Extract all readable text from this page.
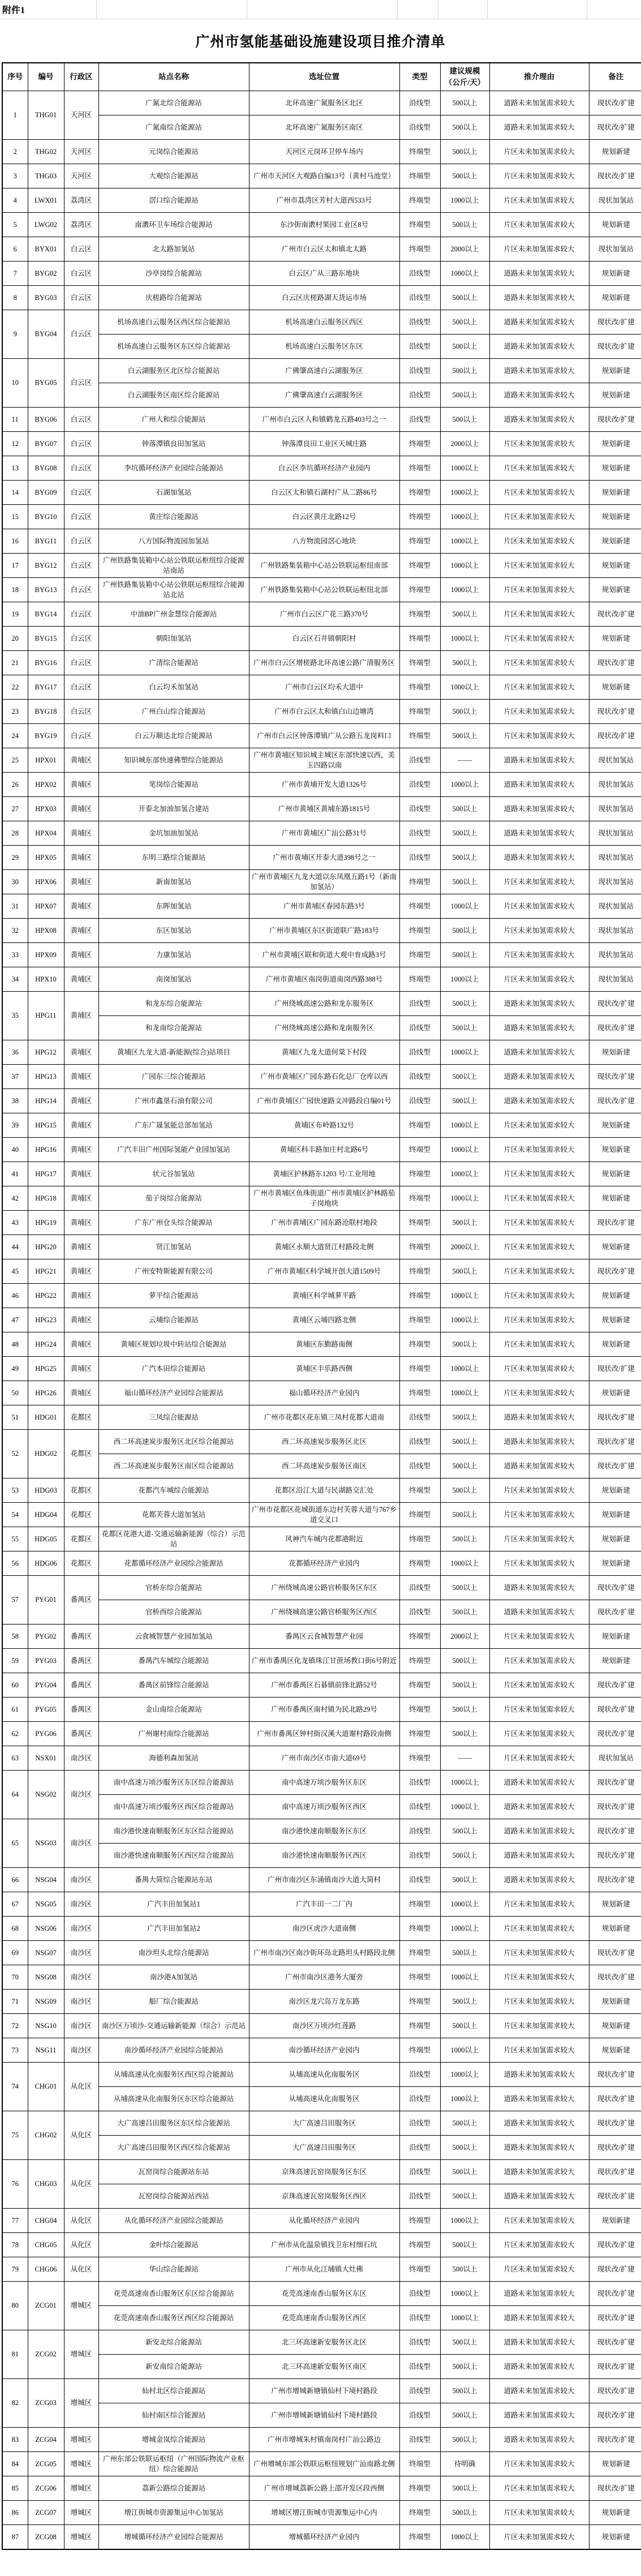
附件1
广州市氢能基础设施建设项目推介清单
序号	编号	行政区	站点名称	选址位置	类型	建议规模
（公斤/天）	推介理由	备注
1	THG01	天河区	广氮北综合能源站	北环高速广氮服务区北区	沿线型	500以上	道路未来加氢需求较大	现状改/扩建
			广氮南综合能源站	北环高速广氮服务区南区	沿线型	500以上	道路未来加氢需求较大	现状改/扩建
2	THG02	天河区	元岗综合能源站	天河区元岗环卫停车场内	终端型	500以上	片区未来加氢需求较大	规划新建
3	THG03	天河区	大观综合能源站	广州市天河区大观路自编13号（黄村马池堂）	终端型	500以上	片区未来加氢需求较大	现状改/扩建
4	LWX01	荔湾区	滘口综合能源站	广州市荔湾区芳村大道西533号	终端型	1000以上	片区未来加氢需求较大	现状加氢站
5	LWG02	荔湾区	南漖环卫车场综合能源站	东沙街南漖村果园工业区8号	终端型	500以上	片区未来加氢需求较大	规划新建
6	BYX01	白云区	北太路加氢站	广州市白云区太和镇北太路	终端型	2000以上	片区未来加氢需求较大	现状加氢站
7	BYG02	白云区	沙亭岗综合能源站	白云区广从三路东地块	沿线型	1000以上	道路未来加氢需求较大	规划新建
8	BYG03	白云区	庆槎路综合能源站	白云区庆槎路湖天货运市场	沿线型	500以上	道路未来加氢需求较大	规划新建
9	BYG04	白云区	机场高速白云服务区西区综合能源站	机场高速白云服务区西区	沿线型	500以上	道路未来加氢需求较大	现状改/扩建
			机场高速白云服务区东区综合能源站	机场高速白云服务区东区	沿线型	500以上	道路未来加氢需求较大	现状改/扩建
10	BYG05	白云区	白云湖服务区北区综合能源站	广佛肇高速白云湖服务区	沿线型	500以上	道路未来加氢需求较大	规划新建
			白云湖服务区南区综合能源站	广佛肇高速白云湖服务区	沿线型	500以上	道路未来加氢需求较大	规划新建
11	BYG06	白云区	广州人和综合能源站	广州市白云区人和镇鹤龙五路403号之一	沿线型	500以上	道路未来加氢需求较大	现状改/扩建
12	BYG07	白云区	钟落潭镇良田加氢站	钟落潭良田工业区天城庄路	终端型	2000以上	片区未来加氢需求较大	规划新建
13	BYG08	白云区	李坑循环经济产业园综合能源站	白云区李坑循环经济产业园内	终端型	1000以上	片区未来加氢需求较大	规划新建
14	BYG09	白云区	石湖加氢站	白云区太和镇石湖村广从二路86号	终端型	1000以上	片区未来加氢需求较大	规划新建
15	BYG10	白云区	黄庄综合能源站	白云区黄庄北路12号	终端型	1000以上	片区未来加氢需求较大	规划新建
16	BYG11	白云区	八方国际物流园加氢站	八方物流园滘心地块	终端型	1000以上	片区未来加氢需求较大	规划新建
17	BYG12	白云区	广州铁路集装箱中心站公铁联运枢纽综合能源站南站	广州铁路集装箱中心站公铁联运枢纽南部	终端型	1000以上	片区未来加氢需求较大	规划新建
18	BYG13	白云区	广州铁路集装箱中心站公铁联运枢纽综合能源站北站	广州铁路集装箱中心站公铁联运枢纽北部	终端型	1000以上	片区未来加氢需求较大	规划新建
19	BYG14	白云区	中油BP广州金慧综合能源站	广州市白云区广花三路370号	终端型	500以上	片区未来加氢需求较大	现状改/扩建
20	BYG15	白云区	朝阳加氢站	白云区石井镇朝阳村	终端型	1000以上	片区未来加氢需求较大	规划新建
21	BYG16	白云区	广清综合能源站	广州市白云区增槎路北环高速公路广清服务区	终端型	500以上	片区未来加氢需求较大	现状改/扩建
22	BYG17	白云区	白云均禾加氢站	广州市白云区均禾大道中	终端型	1000以上	片区未来加氢需求较大	规划新建
23	BYG18	白云区	广州白山综合能源站	广州市白云区太和镇白山边塘湾	终端型	500以上	片区未来加氢需求较大	现状改/扩建
24	BYG19	白云区	白云万顺达北综合能源站	广州市白云区钟落潭镇广从公路五龙岗料口	终端型	500以上	片区未来加氢需求较大	现状改/扩建
25	HPX01	黄埔区	知识城东部快速佛塑综合能源站	广州市黄埔区知识城主城区东部快速以西，美玉四路以南	沿线型	——	道路未来加氢需求较大	现状加氢站
26	HPX02	黄埔区	笔岗综合能源站	广州市黄埔开发大道1326号	沿线型	1000以上	道路未来加氢需求较大	现状加氢站
27	HPX03	黄埔区	开泰北加油加氢合建站	广州市黄埔区黄埔东路1815号	沿线型	500以上	道路未来加氢需求较大	现状加氢站
28	HPX04	黄埔区	金坑加油加氢站	广州市黄埔区广汕公路31号	沿线型	500以上	道路未来加氢需求较大	现状加氢站
29	HPX05	黄埔区	东明三路综合能源站	广州市黄埔区开泰大道398号之一	沿线型	500以上	道路未来加氢需求较大	现状加氢站
30	HPX06	黄埔区	新南加氢站	广州市黄埔区九龙大道以东凤凰五路1号（新南加氢站）	终端型	500以上	片区未来加氢需求较大	现状加氢站
31	HPX07	黄埔区	东晖加氢站	广州市黄埔区春园东路3号	终端型	1000以上	片区未来加氢需求较大	现状加氢站
32	HPX08	黄埔区	东区加氢站	广州市黄埔区东区街道联广路183号	终端型	500以上	片区未来加氢需求较大	现状加氢站
33	HPX09	黄埔区	力康加氢站	广州市黄埔区联和街道大观中育成路3号	终端型	500以上	片区未来加氢需求较大	现状加氢站
34	HPX10	黄埔区	南岗加氢站	广州市黄埔区南岗街道南岗西路388号	终端型	1000以上	片区未来加氢需求较大	现状加氢站
35	HPG11	黄埔区	和龙东综合能源站	广州绕城高速公路和龙东服务区	沿线型	500以上	道路未来加氢需求较大	现状改/扩建
			和龙南综合能源站	广州绕城高速公路和龙南服务区	沿线型	500以上	道路未来加氢需求较大	现状改/扩建
36	HPG12	黄埔区	黄埔区九龙大道-新能源(综合)站项目	黄埔区九龙大道何棠下村段	沿线型	1000以上	道路未来加氢需求较大	规划新建
37	HPG13	黄埔区	广园东三综合能源站	广州市黄埔区广园东路石化总厂仓库以西	沿线型	500以上	道路未来加氢需求较大	现状改/扩建
38	HPG14	黄埔区	广州市鑫垦石油有限公司	广州市黄埔区广园快速路文冲路段自编01号	沿线型	500以上	道路未来加氢需求较大	现状改/扩建
39	HPG15	黄埔区	广东广晟氢能总部加氢站	黄埔区布岭路132号	终端型	1000以上	片区未来加氢需求较大	规划新建
40	HPG16	黄埔区	广汽丰田广州国际氢能产业园加氢站	黄埔区科丰路加庄村北路6号	终端型	1000以上	片区未来加氢需求较大	规划新建
41	HPG17	黄埔区	状元谷加氢站	黄埔区护林路东1203 号/工业用地	终端型	1000以上	片区未来加氢需求较大	规划新建
42	HPG18	黄埔区	茄子岗综合能源站	广州市黄埔区鱼珠街道广州市黄埔区护林路茄子岗地块	终端型	1000以上	片区未来加氢需求较大	规划新建
43	HPG19	黄埔区	广东广州仓头综合能源站	广州市黄埔区广园东路沧联村地段	终端型	500以上	片区未来加氢需求较大	现状改/扩建
44	HPG20	黄埔区	贤江加氢站	黄埔区永顺大道贤江村路段北侧	终端型	2000以上	片区未来加氢需求较大	规划新建
45	HPG21	黄埔区	广州安特斯能源有限公司	广州市黄埔区科学城开创大道1509号	终端型	500以上	片区未来加氢需求较大	现状改/扩建
46	HPG22	黄埔区	萝平综合能源站	黄埔区科学城萝平路	终端型	1000以上	片区未来加氢需求较大	规划新建
47	HPG23	黄埔区	云埔综合能源站	黄埔区云埔四路北侧	终端型	1000以上	片区未来加氢需求较大	规划新建
48	HPG24	黄埔区	黄埔区规划垃圾中转站综合能源站	黄埔区东勤路南侧	终端型	500以上	片区未来加氢需求较大	规划新建
49	HPG25	黄埔区	广汽本田综合能源站	黄埔区丰乐路西侧	终端型	1000以上	片区未来加氢需求较大	现状改/扩建
50	HPG26	黄埔区	福山循环经济产业园综合能源站	福山循环经济产业园内	终端型	1000以上	片区未来加氢需求较大	规划新建
51	HDG01	花都区	三凤综合能源站	广州市花都区花东镇三凤村花都大道南	沿线型	500以上	道路未来加氢需求较大	现状改/扩建
52	HDG02	花都区	西二环高速炭步服务区北区综合能源站	西二环高速炭步服务区北区	沿线型	500以上	道路未来加氢需求较大	现状改/扩建
			西二环高速炭步服务区南区综合能源站	西二环高速炭步服务区南区	沿线型	500以上	道路未来加氢需求较大	现状改/扩建
53	HDG03	花都区	花都汽车城综合能源站	花都区沿江大道与民湖路交汇处	终端型	500以上	片区未来加氢需求较大	规划新建
54	HDG04	花都区	花都芙蓉大道加氢站	广州市花都区花城街道东边村芙蓉大道与767乡道交叉口	终端型	500以上	片区未来加氢需求较大	规划新建
55	HDG05	花都区	花都区花港大道-交通运输新能源（综合）示范站	风神汽车城内花都港附近	终端型	500以上	片区未来加氢需求较大	规划新建
56	HDG06	花都区	花都循环经济产业园综合能源站	花都循环经济产业园内	终端型	1000以上	片区未来加氢需求较大	规划新建
57	PYG01	番禺区	官桥东综合能源站	广州绕城高速公路官桥服务区东区	沿线型	500以上	道路未来加氢需求较大	现状改/扩建
			官桥西综合能源站	广州绕城高速公路官桥服务区西区	沿线型	500以上	道路未来加氢需求较大	现状改/扩建
58	PYG02	番禺区	云食城智慧产业园加氢站	番禺区云食城智慧产业园	终端型	2000以上	片区未来加氢需求较大	规划新建
59	PYG03	番禺区	番禺汽车城综合能源站	广州市番禺区化龙镇珠江甘蔗场教口街6号附近	终端型	500以上	片区未来加氢需求较大	规划新建
60	PYG04	番禺区	番禺区前锋综合能源站	广州市番禺区石碁镇前锋北路52号	终端型	500以上	片区未来加氢需求较大	现状改/扩建
61	PYG05	番禺区	金山南综合能源站	广州市番禺区南村镇为民北路29号	终端型	500以上	片区未来加氢需求较大	现状改/扩建
62	PYG06	番禺区	广州谢村南综合能源站	广州市番禺区钟村街汉溪大道谢村路段南侧	终端型	500以上	片区未来加氢需求较大	现状改/扩建
63	NSX01	南沙区	海德利森加氢站	广州市南沙区市南大道69号	终端型	——	片区未来加氢需求较大	现状加氢站
64	NSG02	南沙区	南中高速万顷沙服务区东区综合能源站	南中高速万顷沙服务区东区	沿线型	1000以上	道路未来加氢需求较大	现状改/扩建
			南中高速万顷沙服务区西区综合能源站	南中高速万顷沙服务区西区	沿线型	1000以上	道路未来加氢需求较大	现状改/扩建
65	NSG03	南沙区	南沙港快速南顺服务区东区综合能源站	南沙港快速南顺服务区东区	沿线型	500以上	道路未来加氢需求较大	现状改/扩建
			南沙港快速南顺服务区西区综合能源站	南沙港快速南顺服务区西区	沿线型	500以上	道路未来加氢需求较大	现状改/扩建
66	NSG04	南沙区	番禺大简综合能源站东站	广州市南沙区东涌镇南沙大道大简村	沿线型	500以上	道路未来加氢需求较大	现状改/扩建
67	NSG05	南沙区	广汽丰田加氢站1	广汽丰田一二厂内	终端型	1000以上	片区未来加氢需求较大	规划新建
68	NSG06	南沙区	广汽丰田加氢站2	南沙区虎沙大道南侧	终端型	1000以上	片区未来加氢需求较大	规划新建
69	NSG07	南沙区	南沙坦头北综合能源站	广州市南沙区南沙街环岛北路坦头村路段北侧	终端型	500以上	片区未来加氢需求较大	现状改/扩建
70	NSG08	南沙区	南沙港A加氢站	广州市南沙区港务大厦旁	终端型	1000以上	片区未来加氢需求较大	现状改/扩建
71	NSG09	南沙区	船厂综合能源站	南沙区龙穴岛万龙东路	终端型	500以上	片区未来加氢需求较大	规划新建
72	NSG10	南沙区	南沙区万顷沙-交通运输新能源（综合）示范站	南沙区万顷沙红莲路	终端型	500以上	片区未来加氢需求较大	规划新建
73	NSG11	南沙区	南沙循环经济产业园综合能源站	南沙循环经济产业园内	终端型	1000以上	片区未来加氢需求较大	规划新建
74	CHG01	从化区	从埔高速从化南服务区西区综合能源站	从埔高速从化南服务区	沿线型	1000以上	道路未来加氢需求较大	现状改/扩建
			从埔高速从化南服务区东区综合能源站	从埔高速从化南服务区	沿线型	1000以上	道路未来加氢需求较大	现状改/扩建
75	CHG02	从化区	大广高速吕田服务区东区综合能源站	大广高速吕田服务区	沿线型	500以上	道路未来加氢需求较大	现状改/扩建
			大广高速吕田服务区西区综合能源站	大广高速吕田服务区	沿线型	500以上	道路未来加氢需求较大	现状改/扩建
76	CHG03	从化区	瓦窑岗综合能源站东站	京珠高速瓦窑岗服务区东区	沿线型	500以上	道路未来加氢需求较大	现状改/扩建
			瓦窑岗综合能源站西站	京珠高速瓦窑岗服务区西区	沿线型	500以上	道路未来加氢需求较大	现状改/扩建
77	CHG04	从化区	从化循环经济产业园综合能源站	从化循环经济产业园内	终端型	1000以上	片区未来加氢需求较大	规划新建
78	CHG05	从化区	金叶综合能源站	广州市从化温泉镇找卫东村细石坑	终端型	500以上	片区未来加氢需求较大	现状改/扩建
79	CHG06	从化区	华山综合能源站	广州市从化江埔镇大灶佛	终端型	500以上	片区未来加氢需求较大	现状改/扩建
80	ZCG01	增城区	花莞高速南香山服务区东区综合能源站	花莞高速南香山服务区东区	沿线型	1000以上	道路未来加氢需求较大	现状改/扩建
			花莞高速南香山服务区西区综合能源站	花莞高速南香山服务区西区	沿线型	1000以上	道路未来加氢需求较大	现状改/扩建
81	ZCG02	增城区	新安北综合能源站	北三环高速新安服务区北区	沿线型	500以上	道路未来加氢需求较大	现状改/扩建
			新安南综合能源站	北三环高速新安服务区南区	沿线型	500以上	道路未来加氢需求较大	现状改/扩建
82	ZCG03	增城区	仙村北区综合能源站	广州市增城新塘镇仙村下境村路段	沿线型	500以上	道路未来加氢需求较大	现状改/扩建
			仙村南区综合能源站	广州市增城新塘镇仙村下境村路段	沿线型	500以上	道路未来加氢需求较大	现状改/扩建
83	ZCG04	增城区	增城金岚综合能源站	广州市增城朱村镇南岗村广汕公路边	沿线型	500以上	道路未来加氢需求较大	现状改/扩建
84	ZCG05	增城区	广州东部公铁联运枢纽（广州国际物流产业枢纽）综合能源站	广州增城东部公铁联运枢纽规划广汕南路北侧	终端型	待明确	片区未来加氢需求较大	规划新建
85	ZCG06	增城区	荔新公路综合能源站	广州市增城荔新公路上邵开发区段西侧	终端型	500以上	片区未来加氢需求较大	现状改/扩建
86	ZCG07	增城区	增江街城市资源集运中心加氢站	增城区增江街城市资源集运中心内	终端型	500以上	片区未来加氢需求较大	规划新建
87	ZCG08	增城区	增城循环经济产业园综合能源站	增城循环经济产业园内	终端型	1000以上	片区未来加氢需求较大	规划新建
